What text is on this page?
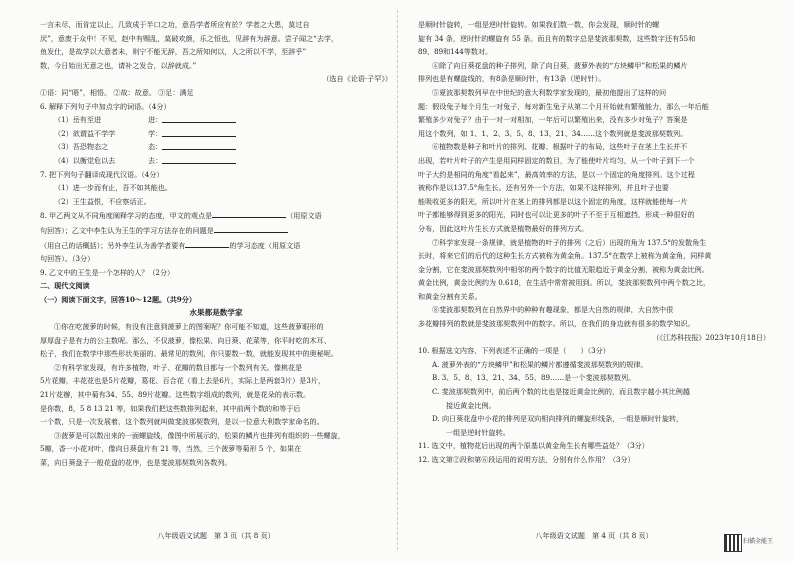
一言未尽，而肯定以止，几致成于半口之功，意吾学者所应有於？学者之大患，莫过自
厌”，意废于众中！不见，赵中有赐乱，莫破欢颜，乐之恒也，见辞有为辞意。尝子闻之“去学，
鱼发仕，是故学以大意者未，则宁不能无辞，吾之所知何以，人之所以不学，至辞乎”
数，今日始出无意之也，请补之发合，以辞就成。”
（选自《论语·子罕》）
①语：同“晤”，相悟。 ②故：故意。 ③足：满足
6. 解释下列句子中加点字的词语。（4分）
（1）岳有至进	进：
（2）欲谓益不学学	学：
（3）吾恐物态之	态：
（4）以衡觉危以去	去：
7. 把下列句子翻译成现代汉语。（4分）
（1）进一步而有止，吾不如其能也。
（2）王生益恨，不应察话正。
8. 甲乙两文从不同角度阐释学习的态度，甲文的观点是	（用原文语
句回答）；乙文中李生认为王生的学习方法存在的问题是
（用自己的话概括）；另外李生认为善学者要有	的学习态度（用原文语
句回答）。（3分）
9. 乙文中的王生是一个怎样的人？（2分）
二、现代文阅读
（一）阅读下面文字，回答10～12题。（共9分）
水果都是数学家
①你在吃菠萝的时候，有没有注意到菠萝上的图案呢？你可能不知道，这些菠萝眼形的
厚厚盘子是有力的公主数呢。那么，不仅菠萝，像松果、向日葵、花菜等，你平时吃的木耳、
松子，我们在数学中那些形状美丽的、最常见的数列，你只要数一数，就能发现其中的奥秘呢。
②有科学家发现，有许多植物，叶子、花瓣的数目都与一个数列有关。像桃花是
5片花瓣，丰花花也是5片花瓣，葛花、百合花（看上去是6片，实际上是两套3片）是3片，
21片花辦，其中菊有34、55、89片花瓣。这些数字组成的数列，就是花朵的表示数。
是你数，8，5 8 13 21 等，如果我们把这些数排列起来，其中前两个数的和等于后
一个数，只是一次发展着，这个数列就叫做斐波那契数列，是以一位意大利数学家命名的。
③菠萝是可以数出来的一面螺旋线，像图中所展示的，松果的鳞片也排列有组织的一些螺旋，
5瓣，香一小花对叶，像向日葵盘片有 21 等，当然，三个菠萝等菊形 5 个，如果在
菜，向日葵盘子一般花盘的花序，也是斐波那契数列各数列。
是顺时针旋转，一组是逆时针旋转。如果我们数一数，你会发现，顺时针的螺
旋有 34 条，逆时针的螺旋有 55 条。而且有的数字总是斐波那契数，这些数字还有55和
89、89和144等数对。
④除了向日葵花盘的种子排列，除了向日葵，菠萝外表的“方块鳞甲”和松果的鳞片
排列也是有螺旋线的，有8条是顺时针，有13条（逆时针）。
⑤夏波那契数列早在中世纪的意大利数学家发现的，最初他提出了这样的问
题：假设兔子每个月生一对兔子，每对新生兔子从第二个月开始就有繁殖能力，那么一年后能
繁殖多少对兔子？由于一对一对相加，一年后可以繁殖出来，没有多少对兔子？答案是
用这个数列，如 1、1、2、3、5、8、13、21、34……这个数列就是斐波那契数列。
⑥植物数是种子和叶片的排列、花瓣、根据叶子的布局，这些叶子在茎上生长并不
出现，若叶片叶子的产生是用同样固定的数目，为了能使叶片均匀，从一个叶子到下一个
叶子大约是相同的角度“看起来”，最高效率的方法，是以一个固定的角度排列。这个过程
被称作是以137.5°角生长。还有另外一个方法，如果不这样排列，并且叶子也要
能吸收更多的阳光，所以叶片在茎上的排列都是以这个固定的角度，这样就能使每一片
叶子都能够得到更多的阳光，同时也可以让更多的叶子不至于互相遮挡，形成一种很好的
分布，因此这叶片生长方式就是植物最好的排列方式。
⑦科学家发现一条规律，就是植物的叶子的排列（之后）出现的角为 137.5°的发散角生
长时，将来它们的后代的这种生长方式被称为黄金角。137.5°在数学上被称为黄金角，同样黄
金分割，它在斐波那契数列中相邻的两个数字的比值无限趋近于黄金分割，被称为黄金比例。
黄金比例，黄金比例约为 0.618，在生活中常常被用到。所以，斐波那契数列中两个数之比，
和黄金分割有关系。
⑧斐波那契数列在自然界中的种种有趣现象，都是大自然的规律，大自然中很
多花瓣排列的数就是斐波那契数列中的数字。所以，在我们的身边就有很多的数学知识。
（《江苏科技报》2023年10月18日）
10. 根据选文内容，下列表述不正确的一项是（　　）（3分）
A. 菠萝外表的“方块鳞甲”和松果的鳞片都遵循斐波那契数列的规律。
B. 3、5、8、13、21、34、55、89……是一个斐波那契数列。
C. 斐波那契数列中，前后两个数的比也是接近黄金比例的，而且数字越小其比例越
接近黄金比例。
D. 向日葵花盘中小花的排列是双向相向排列的螺旋形线条，一组是顺时针旋转，
一组是逆时针旋转。
11. 选文中，植物花后出现的两个原基以黄金角生长有哪些益处？（3分）
12. 选文第②段和第⑥段运用的说明方法，分别有什么作用？（3分）
八年级语文试题　第 3 页（共 8 页）	八年级语文试题　第 4 页（共 8 页）
扫描全能王
